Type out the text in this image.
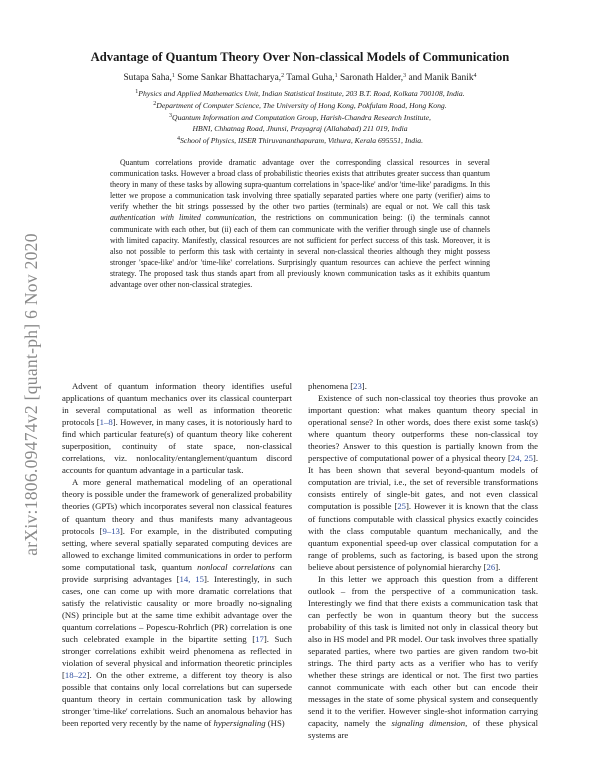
arXiv:1806.09474v2 [quant-ph] 6 Nov 2020
Advantage of Quantum Theory Over Non-classical Models of Communication
Sutapa Saha,$^1$ Some Sankar Bhattacharya,$^2$ Tamal Guha,$^1$ Saronath Halder,$^3$ and Manik Banik$^4$
$^1$Physics and Applied Mathematics Unit, Indian Statistical Institute, 203 B.T. Road, Kolkata 700108, India.
$^2$Department of Computer Science, The University of Hong Kong, Pokfulam Road, Hong Kong.
$^3$Quantum Information and Computation Group, Harish-Chandra Research Institute,
HBNI, Chhatnag Road, Jhunsi, Prayagraj (Allahabad) 211 019, India
$^4$School of Physics, IISER Thiruvananthapuram, Vithura, Kerala 695551, India.
Quantum correlations provide dramatic advantage over the corresponding classical resources in several communication tasks. However a broad class of probabilistic theories exists that attributes greater success than quantum theory in many of these tasks by allowing supra-quantum correlations in 'space-like' and/or 'time-like' paradigms. In this letter we propose a communication task involving three spatially separated parties where one party (verifier) aims to verify whether the bit strings possessed by the other two parties (terminals) are equal or not. We call this task authentication with limited communication, the restrictions on communication being: (i) the terminals cannot communicate with each other, but (ii) each of them can communicate with the verifier through single use of channels with limited capacity. Manifestly, classical resources are not sufficient for perfect success of this task. Moreover, it is also not possible to perform this task with certainty in several non-classical theories although they might possess stronger 'space-like' and/or 'time-like' correlations. Surprisingly quantum resources can achieve the perfect winning strategy. The proposed task thus stands apart from all previously known communication tasks as it exhibits quantum advantage over other non-classical strategies.

Advent of quantum information theory identifies useful applications of quantum mechanics over its classical counterpart in several computational as well as information theoretic protocols [1–8]. However, in many cases, it is notoriously hard to find which particular feature(s) of quantum theory like coherent superposition, continuity of state space, non-classical correlations, viz. nonlocality/entanglement/quantum discord accounts for quantum advantage in a particular task.

A more general mathematical modeling of an operational theory is possible under the framework of generalized probability theories (GPTs) which incorporates several non classical features of quantum theory and thus manifests many advantageous protocols [9–13]. For example, in the distributed computing setting, where several spatially separated computing devices are allowed to exchange limited communications in order to perform some computational task, quantum nonlocal correlations can provide surprising advantages [14, 15]. Interestingly, in such cases, one can come up with more dramatic correlations that satisfy the relativistic causality or more broadly no-signaling (NS) principle but at the same time exhibit advantage over the quantum correlations – Popescu-Rohrlich (PR) correlation is one such celebrated example in the bipartite setting [17]. Such stronger correlations exhibit weird phenomena as reflected in violation of several physical and information theoretic principles [18–22]. On the other extreme, a different toy theory is also possible that contains only local correlations but can supersede quantum theory in certain communication task by allowing stronger 'time-like' correlations. Such an anomalous behavior has been reported very recently by the name of hypersignaling (HS)

phenomena [23].

Existence of such non-classical toy theories thus provoke an important question: what makes quantum theory special in operational sense? In other words, does there exist some task(s) where quantum theory outperforms these non-classical toy theories? Answer to this question is partially known from the perspective of computational power of a physical theory [24, 25]. It has been shown that several beyond-quantum models of computation are trivial, i.e., the set of reversible transformations consists entirely of single-bit gates, and not even classical computation is possible [25]. However it is known that the class of functions computable with classical physics exactly coincides with the class computable quantum mechanically, and the quantum exponential speed-up over classical computation for a range of problems, such as factoring, is based upon the strong believe about persistence of polynomial hierarchy [26].

In this letter we approach this question from a different outlook – from the perspective of a communication task. Interestingly we find that there exists a communication task that can perfectly be won in quantum theory but the success probability of this task is limited not only in classical theory but also in HS model and PR model. Our task involves three spatially separated parties, where two parties are given random two-bit strings. The third party acts as a verifier who has to verify whether these strings are identical or not. The first two parties cannot communicate with each other but can encode their messages in the state of some physical system and consequently send it to the verifier. However single-shot information carrying capacity, namely the signaling dimension, of these physical systems are
